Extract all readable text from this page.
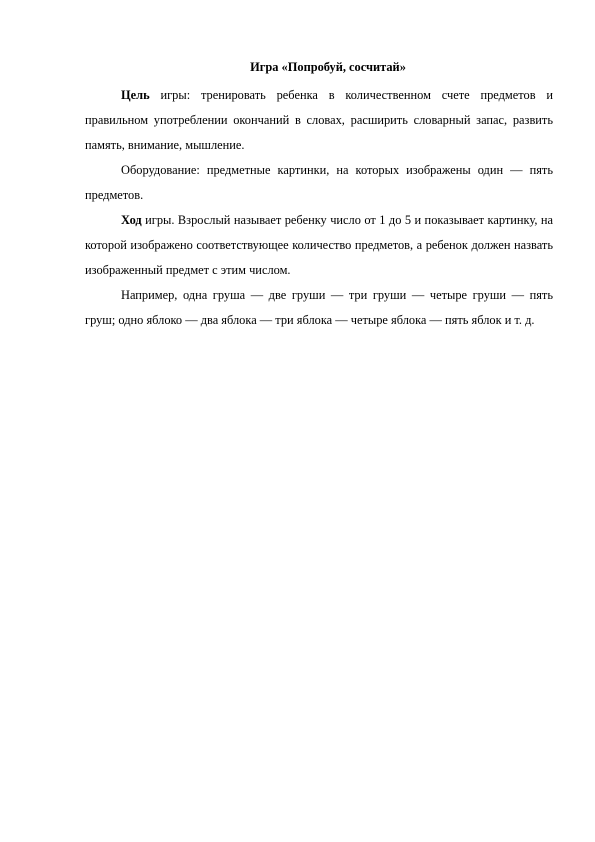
Игра «Попробуй, сосчитай»

Цель игры: тренировать ребенка в количественном счете предметов и правильном употреблении окончаний в словах, расширить словарный запас, развить память, внимание, мышление.

Оборудование: предметные картинки, на которых изображены один — пять предметов.

Ход игры. Взрослый называет ребенку число от 1 до 5 и показывает картинку, на которой изображено соответствующее количество предметов, а ребенок должен назвать изображенный предмет с этим числом.

Например, одна груша — две груши — три груши — четыре груши — пять груш; одно яблоко — два яблока — три яблока — четыре яблока — пять яблок и т. д.
